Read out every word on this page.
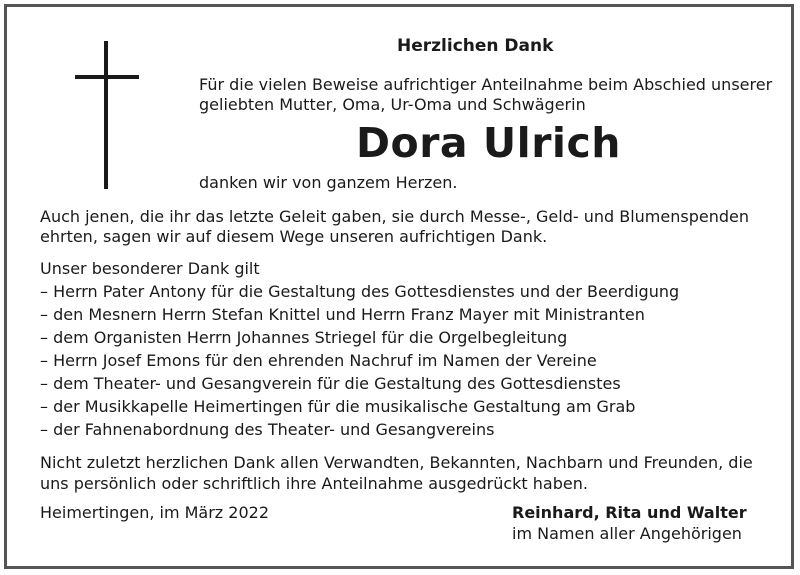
Herzlichen Dank
Für die vielen Beweise aufrichtiger Anteilnahme beim Abschied unserer
geliebten Mutter, Oma, Ur-Oma und Schwägerin
Dora Ulrich
danken wir von ganzem Herzen.
Auch jenen, die ihr das letzte Geleit gaben, sie durch Messe-, Geld- und Blumenspenden
ehrten, sagen wir auf diesem Wege unseren aufrichtigen Dank.
Unser besonderer Dank gilt
– Herrn Pater Antony für die Gestaltung des Gottesdienstes und der Beerdigung
– den Mesnern Herrn Stefan Knittel und Herrn Franz Mayer mit Ministranten
– dem Organisten Herrn Johannes Striegel für die Orgelbegleitung
– Herrn Josef Emons für den ehrenden Nachruf im Namen der Vereine
– dem Theater- und Gesangverein für die Gestaltung des Gottesdienstes
– der Musikkapelle Heimertingen für die musikalische Gestaltung am Grab
– der Fahnenabordnung des Theater- und Gesangvereins
Nicht zuletzt herzlichen Dank allen Verwandten, Bekannten, Nachbarn und Freunden, die
uns persönlich oder schriftlich ihre Anteilnahme ausgedrückt haben.
Heimertingen, im März 2022	Reinhard, Rita und Walter
im Namen aller Angehörigen
